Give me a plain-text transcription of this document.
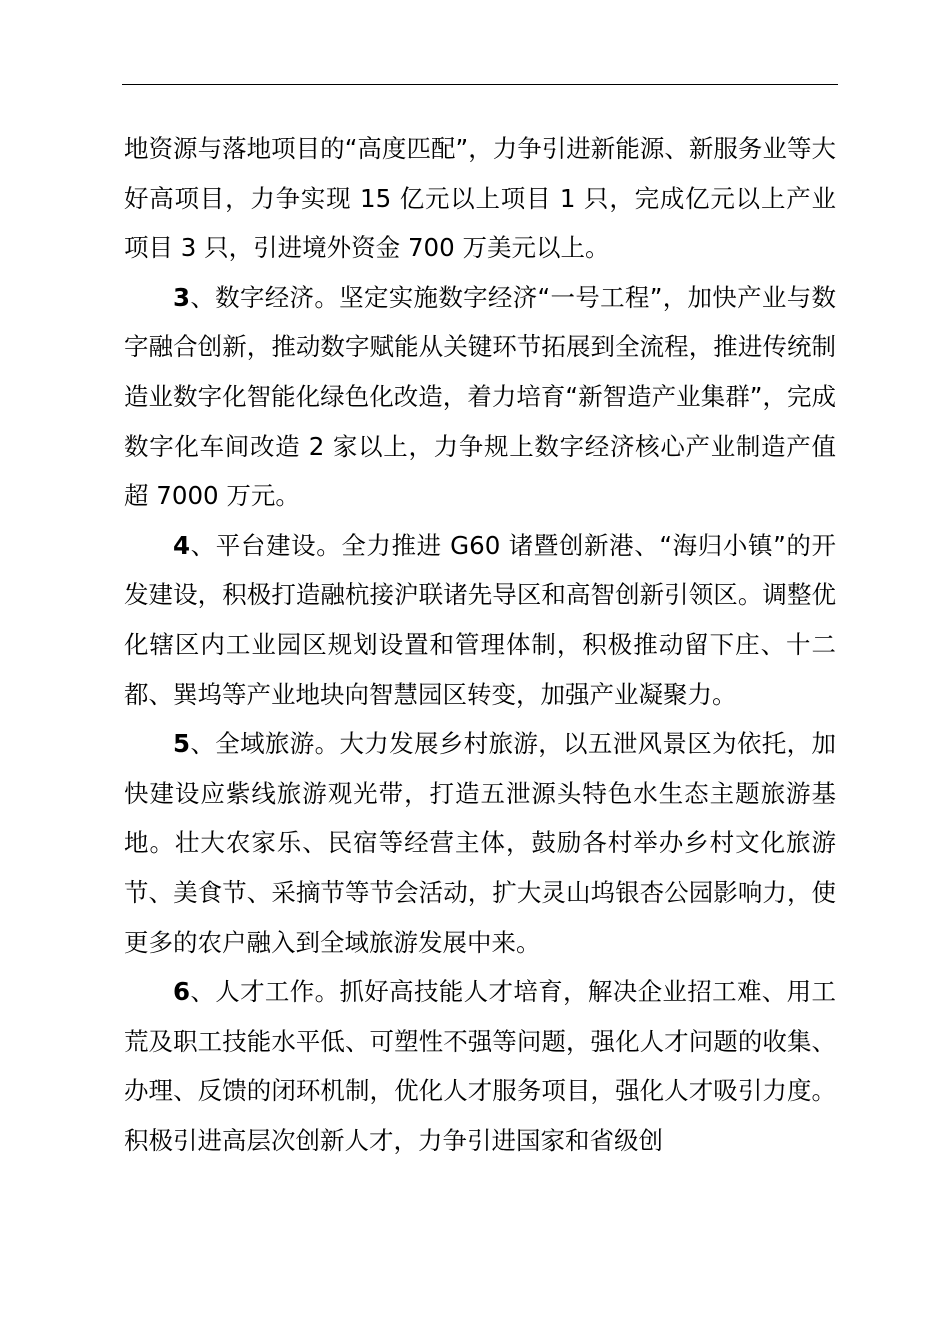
地资源与落地项目的“高度匹配”，力争引进新能源、新服务业等大好高项目，力争实现 15 亿元以上项目 1 只，完成亿元以上产业项目 3 只，引进境外资金 700 万美元以上。

3、数字经济。坚定实施数字经济“一号工程”，加快产业与数字融合创新，推动数字赋能从关键环节拓展到全流程，推进传统制造业数字化智能化绿色化改造，着力培育“新智造产业集群”，完成数字化车间改造 2 家以上，力争规上数字经济核心产业制造产值超 7000 万元。

4、平台建设。全力推进 G60 诸暨创新港、“海归小镇”的开发建设，积极打造融杭接沪联诸先导区和高智创新引领区。调整优化辖区内工业园区规划设置和管理体制，积极推动留下庄、十二都、巽坞等产业地块向智慧园区转变，加强产业凝聚力。

5、全域旅游。大力发展乡村旅游，以五泄风景区为依托，加快建设应紫线旅游观光带，打造五泄源头特色水生态主题旅游基地。壮大农家乐、民宿等经营主体，鼓励各村举办乡村文化旅游节、美食节、采摘节等节会活动，扩大灵山坞银杏公园影响力，使更多的农户融入到全域旅游发展中来。

6、人才工作。抓好高技能人才培育，解决企业招工难、用工荒及职工技能水平低、可塑性不强等问题，强化人才问题的收集、办理、反馈的闭环机制，优化人才服务项目，强化人才吸引力度。积极引进高层次创新人才，力争引进国家和省级创
